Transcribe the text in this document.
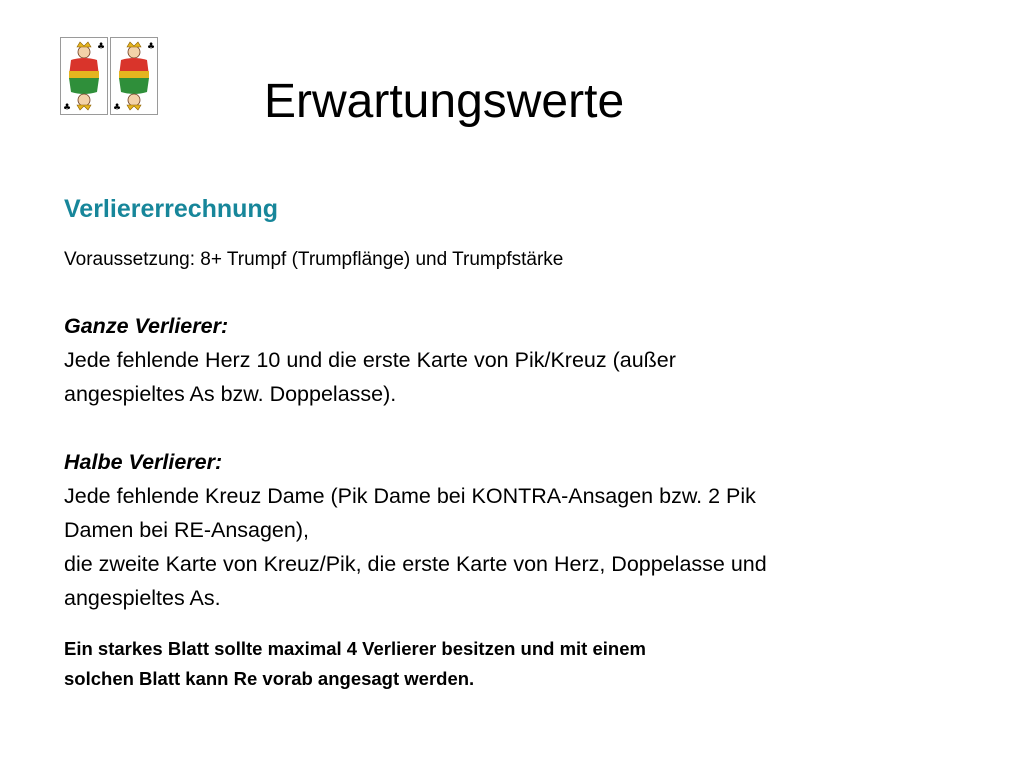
♣
♣
♣
♣	Erwartungswerte
Verliererrechnung

Voraussetzung: 8+ Trumpf (Trumpflänge) und Trumpfstärke

Ganze Verlierer:
Jede fehlende Herz 10 und die erste Karte von Pik/Kreuz (außer
angespieltes As bzw. Doppelasse).
Halbe Verlierer:
Jede fehlende Kreuz Dame (Pik Dame bei KONTRA-Ansagen bzw. 2 Pik
Damen bei RE-Ansagen),
die zweite Karte von Kreuz/Pik, die erste Karte von Herz, Doppelasse und
angespieltes As.
Ein starkes Blatt sollte maximal 4 Verlierer besitzen und mit einem
solchen Blatt kann Re vorab angesagt werden.
